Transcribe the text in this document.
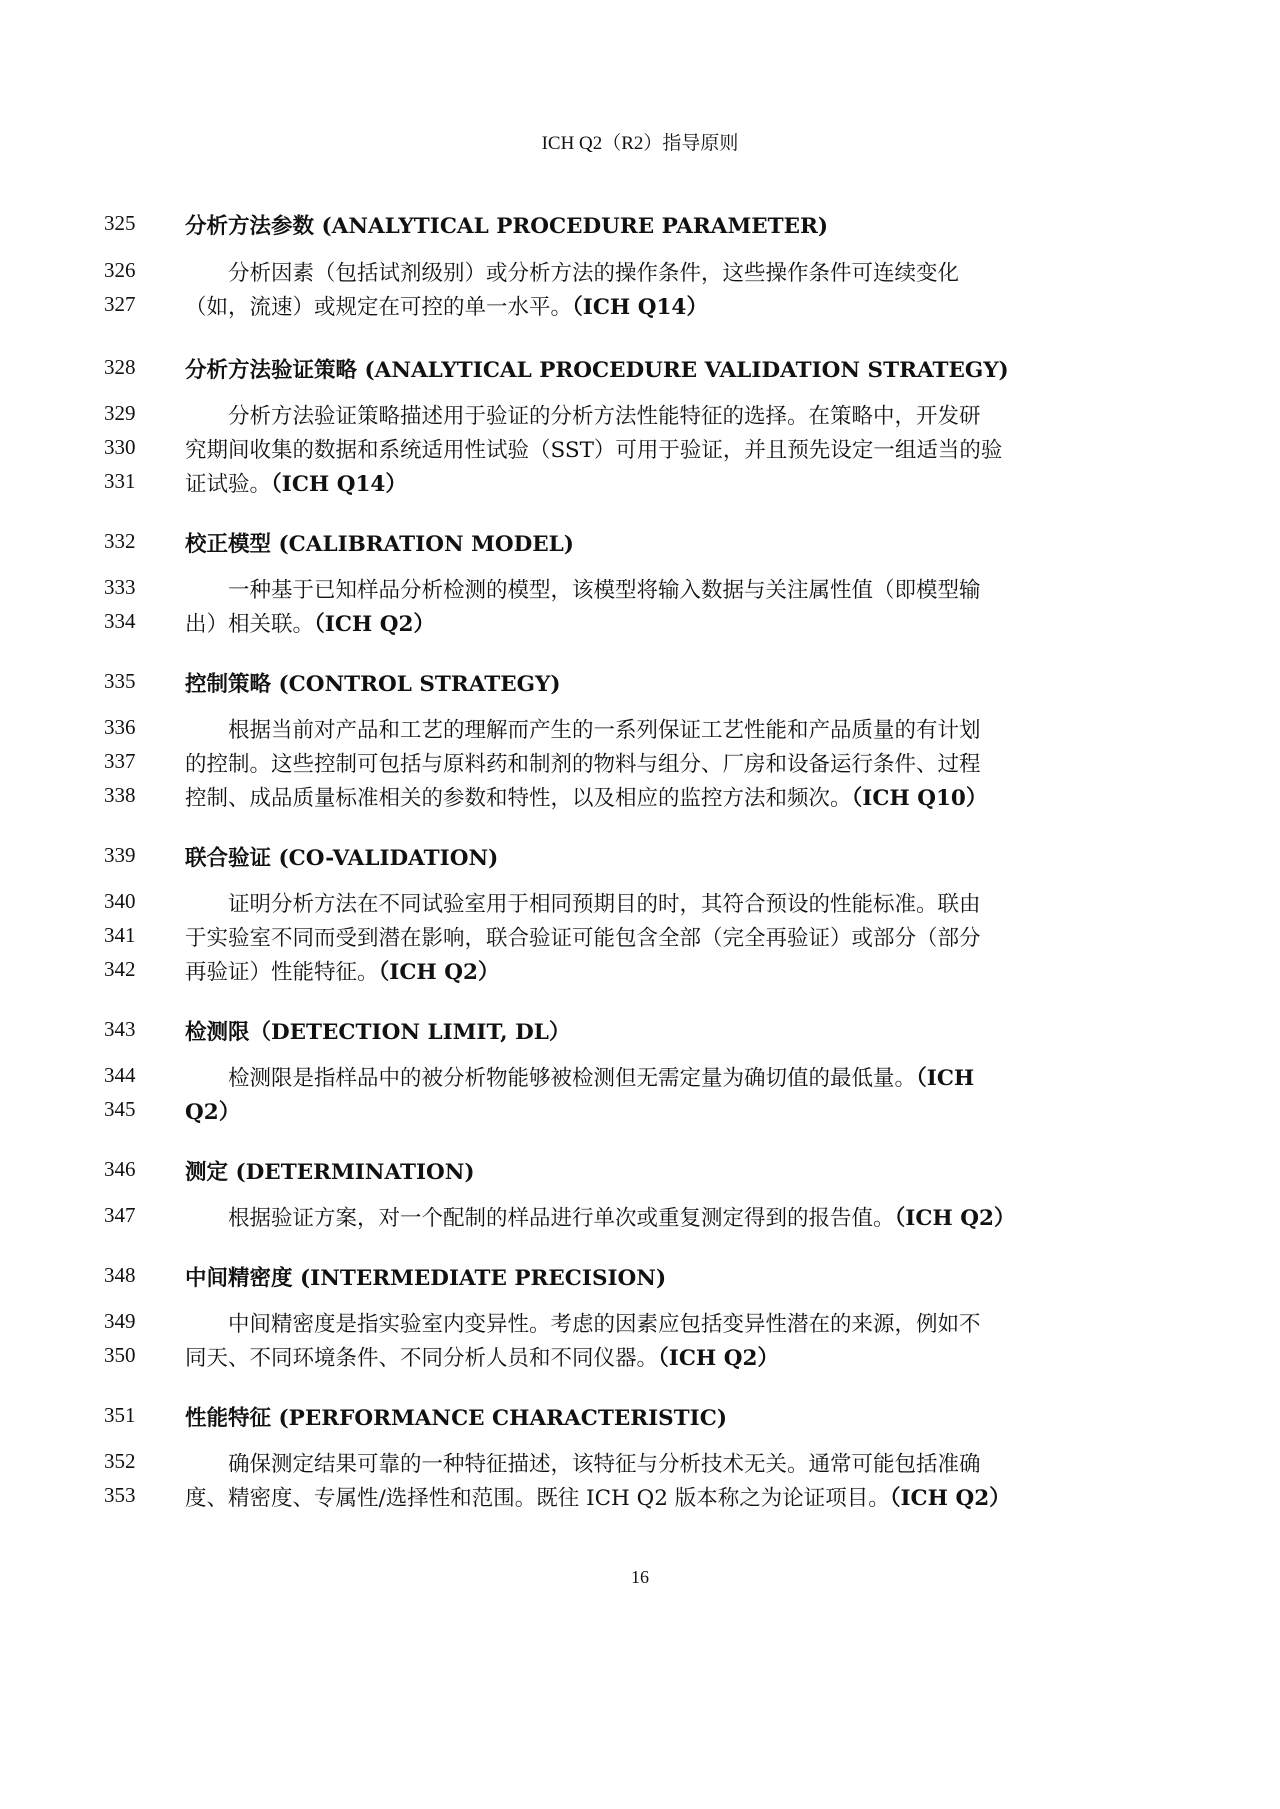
ICH Q2（R2）指导原则
325	分析方法参数 (ANALYTICAL PROCEDURE PARAMETER)
326	　　分析因素（包括试剂级别）或分析方法的操作条件，这些操作条件可连续变化
327	（如，流速）或规定在可控的单一水平。（ICH Q14）
328	分析方法验证策略 (ANALYTICAL PROCEDURE VALIDATION STRATEGY)
329	　　分析方法验证策略描述用于验证的分析方法性能特征的选择。在策略中，开发研
330	究期间收集的数据和系统适用性试验（SST）可用于验证，并且预先设定一组适当的验
331	证试验。（ICH Q14）
332	校正模型 (CALIBRATION MODEL)
333	　　一种基于已知样品分析检测的模型，该模型将输入数据与关注属性值（即模型输
334	出）相关联。（ICH Q2）
335	控制策略 (CONTROL STRATEGY)
336	　　根据当前对产品和工艺的理解而产生的一系列保证工艺性能和产品质量的有计划
337	的控制。这些控制可包括与原料药和制剂的物料与组分、厂房和设备运行条件、过程
338	控制、成品质量标准相关的参数和特性，以及相应的监控方法和频次。（ICH Q10）
339	联合验证 (CO-VALIDATION)
340	　　证明分析方法在不同试验室用于相同预期目的时，其符合预设的性能标准。联由
341	于实验室不同而受到潜在影响，联合验证可能包含全部（完全再验证）或部分（部分
342	再验证）性能特征。（ICH Q2）
343	检测限（DETECTION LIMIT, DL）
344	　　检测限是指样品中的被分析物能够被检测但无需定量为确切值的最低量。（ICH
345	Q2）
346	测定 (DETERMINATION)
347	　　根据验证方案，对一个配制的样品进行单次或重复测定得到的报告值。（ICH Q2）
348	中间精密度 (INTERMEDIATE PRECISION)
349	　　中间精密度是指实验室内变异性。考虑的因素应包括变异性潜在的来源，例如不
350	同天、不同环境条件、不同分析人员和不同仪器。（ICH Q2）
351	性能特征 (PERFORMANCE CHARACTERISTIC)
352	　　确保测定结果可靠的一种特征描述，该特征与分析技术无关。通常可能包括准确
353	度、精密度、专属性/选择性和范围。既往 ICH Q2 版本称之为论证项目。（ICH Q2）
16
